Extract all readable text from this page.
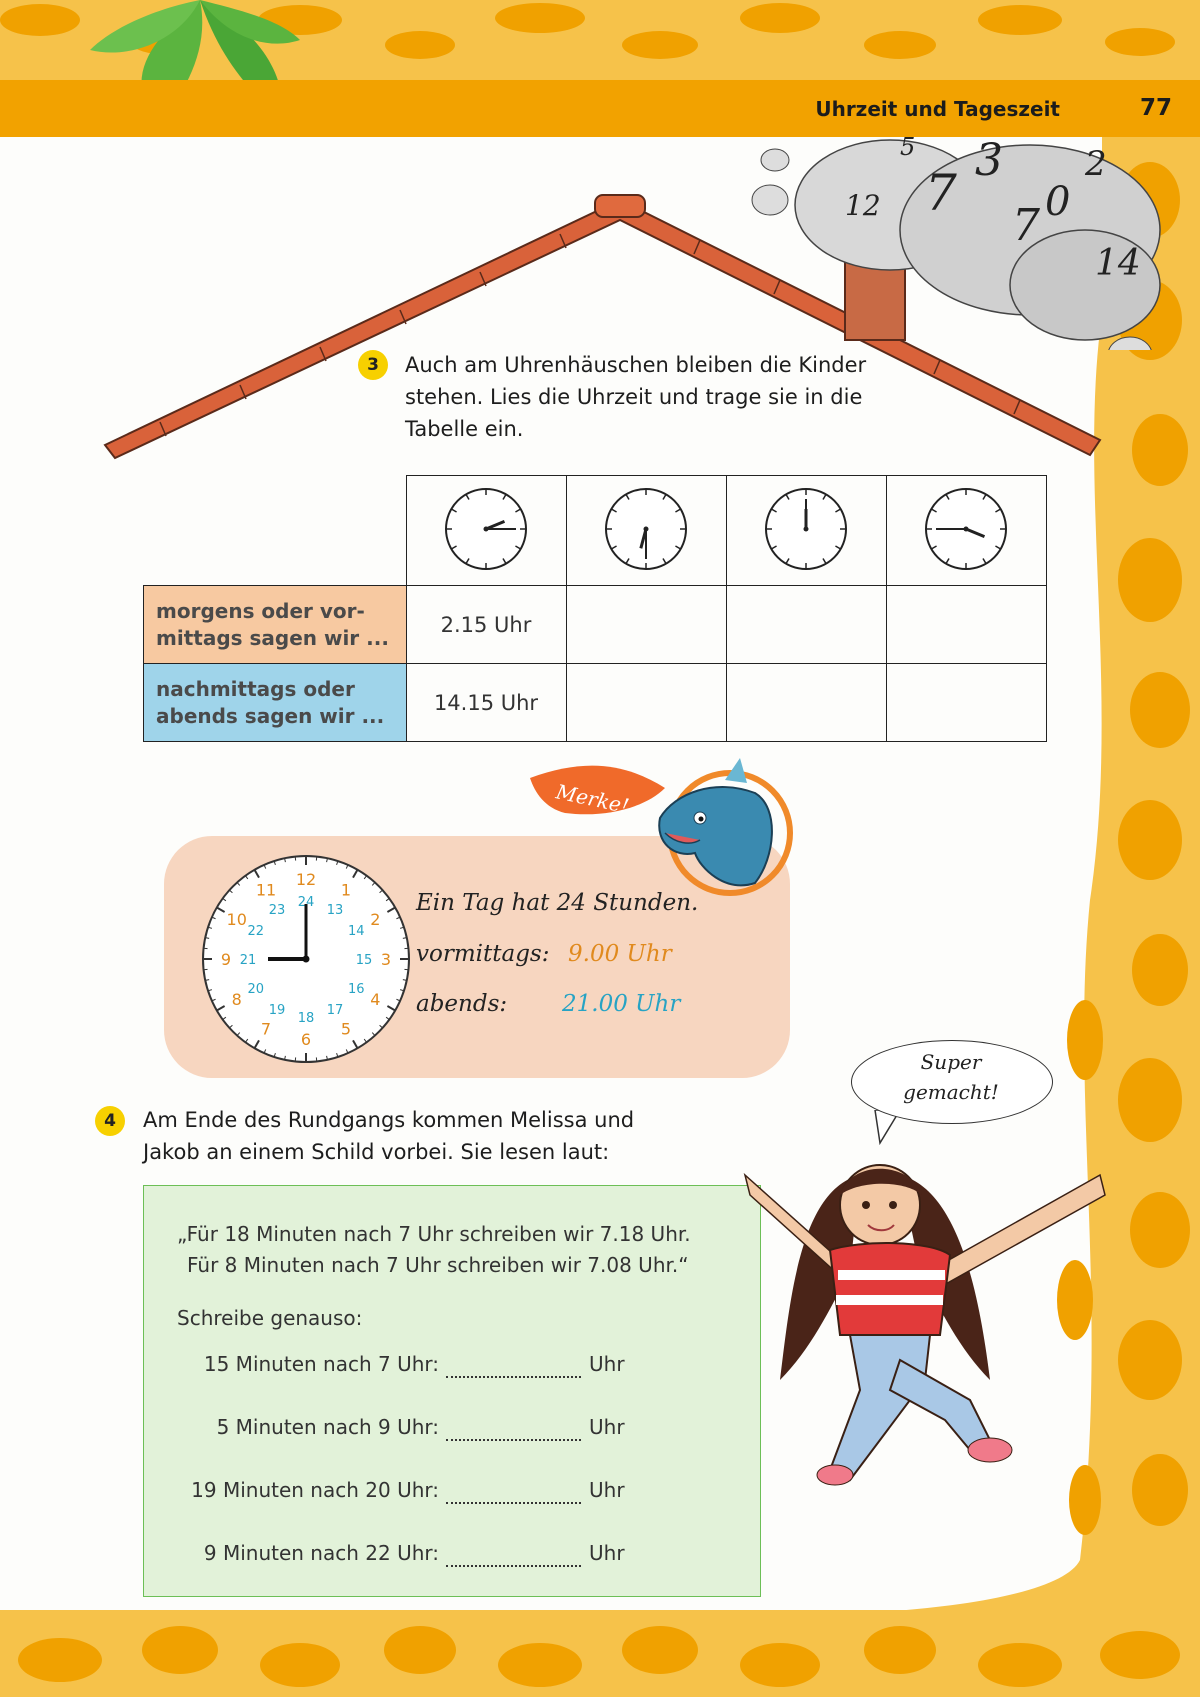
Uhrzeit und Tageszeit	77
5 3
12 7	2
0
7
14
3	Auch am Uhrenhäuschen bleiben die Kinder
stehen. Lies die Uhrzeit und trage sie in die
Tabelle ein.

morgens oder vor-
mittags sagen wir ...	2.15 Uhr			

nachmittags oder
abends sagen wir ...	14.15 Uhr			
Merke!
12
1
2
3
4
5
6
7
8
9
10
11
24
13
14
15
16
17
18
19
20
21
22
23	Ein Tag hat 24 Stunden.
vormittags: 9.00 Uhr
abends: 21.00 Uhr
Super
gemacht!
4	Am Ende des Rundgangs kommen Melissa und
Jakob an einem Schild vorbei. Sie lesen laut:
„Für 18 Minuten nach 7 Uhr schreiben wir 7.18 Uhr.
Für 8 Minuten nach 7 Uhr schreiben wir 7.08 Uhr.“
Schreibe genauso:
15 Minuten nach 7 Uhr:	Uhr
5 Minuten nach 9 Uhr:	Uhr
19 Minuten nach 20 Uhr:	Uhr
9 Minuten nach 22 Uhr:	Uhr
